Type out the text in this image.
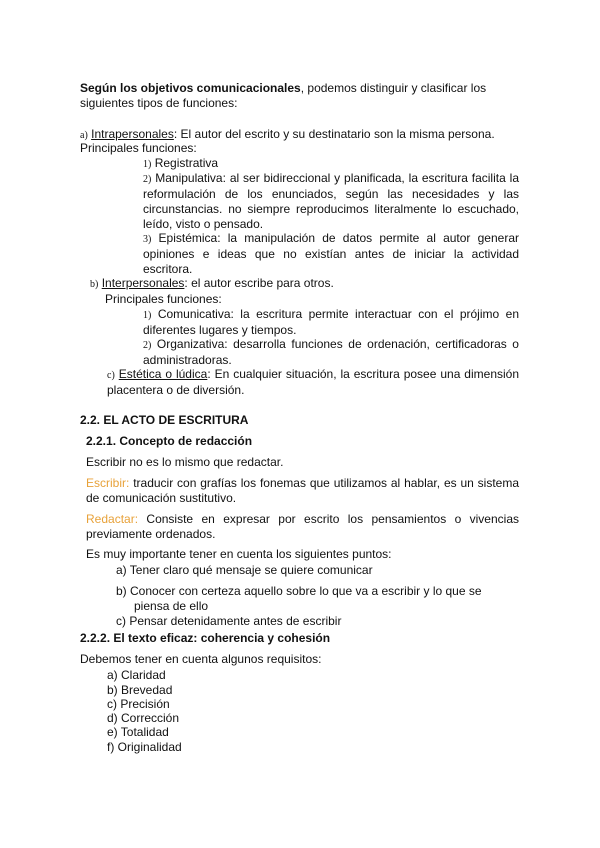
Según los objetivos comunicacionales, podemos distinguir y clasificar los
siguientes tipos de funciones:
a) Intrapersonales: El autor del escrito y su destinatario son la misma persona.
Principales funciones:
1) Registrativa
2) Manipulativa: al ser bidireccional y planificada, la escritura facilita la reformulación de los enunciados, según las necesidades y las circunstancias. no siempre reproducimos literalmente lo escuchado, leído, visto o pensado.
3) Epistémica: la manipulación de datos permite al autor generar opiniones e ideas que no existían antes de iniciar la actividad escritora.
b) Interpersonales: el autor escribe para otros.
Principales funciones:
1) Comunicativa: la escritura permite interactuar con el prójimo en diferentes lugares y tiempos.
2) Organizativa: desarrolla funciones de ordenación, certificadoras o administradoras.
c) Estética o lúdica: En cualquier situación, la escritura posee una dimensión placentera o de diversión.
2.2. EL ACTO DE ESCRITURA
2.2.1. Concepto de redacción
Escribir no es lo mismo que redactar.
Escribir: traducir con grafías los fonemas que utilizamos al hablar, es un sistema de comunicación sustitutivo.
Redactar: Consiste en expresar por escrito los pensamientos o vivencias previamente ordenados.
Es muy importante tener en cuenta los siguientes puntos:
a) Tener claro qué mensaje se quiere comunicar
b) Conocer con certeza aquello sobre lo que va a escribir y lo que se piensa de ello
c) Pensar detenidamente antes de escribir
2.2.2. El texto eficaz: coherencia y cohesión
Debemos tener en cuenta algunos requisitos:
a) Claridad
b) Brevedad
c) Precisión
d) Corrección
e) Totalidad
f) Originalidad
